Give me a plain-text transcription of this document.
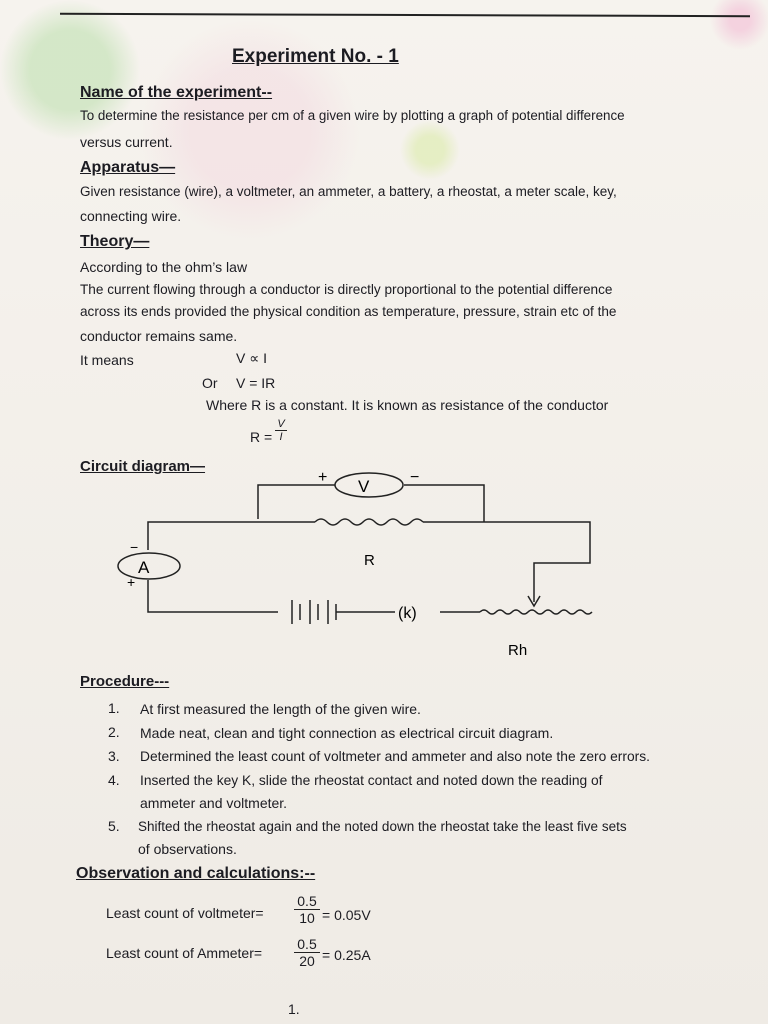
Experiment No. - 1
Name of the experiment--
To determine the resistance per cm of a given wire by plotting a graph of potential difference
versus current.
Apparatus—
Given resistance (wire), a voltmeter, an ammeter, a battery, a rheostat, a meter scale, key,
connecting wire.
Theory—
According to the ohm’s law
The current flowing through a conductor is directly proportional to the potential difference
across its ends provided the physical condition as temperature, pressure, strain etc of the
conductor remains same.
It means	V ∝ I
Or V = IR
Where R is a constant. It is known as resistance of the conductor
$R = \frac{V}{I}$
Circuit diagram—
V
A
+	−
−
+
R
(k)
Rh
Procedure---
1. At first measured the length of the given wire.
2. Made neat, clean and tight connection as electrical circuit diagram.
3. Determined the least count of voltmeter and ammeter and also note the zero errors.
4. Inserted the key K, slide the rheostat contact and noted down the reading of
ammeter and voltmeter.
5. Shifted the rheostat again and the noted down the rheostat take the least five sets
of observations.
Observation and calculations:--
Least count of voltmeter= $\frac{0.5}{10} = 0.05V$
Least count of Ammeter= $\frac{0.5}{20} = 0.25A$
1.
